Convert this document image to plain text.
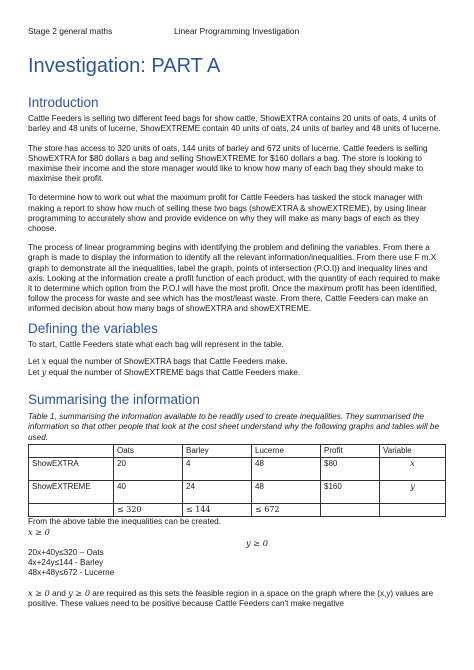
Stage 2 general maths	Linear Programming Investigation
Investigation: PART A
Introduction

Cattle Feeders is selling two different feed bags for show cattle, ShowEXTRA contains 20 units of oats, 4 units of barley and 48 units of lucerne, ShowEXTREME contain 40 units of oats, 24 units of barley and 48 units of lucerne.

The store has access to 320 units of oats, 144 units of barley and 672 units of lucerne. Cattle feeders is selling ShowEXTRA for $80 dollars a bag and selling ShowEXTREME for $160 dollars a bag. The store is looking to maximise their income and the store manager would like to know how many of each bag they should make to maximise their profit.

To determine how to work out what the maximum profit for Cattle Feeders has tasked the stock manager with making a report to show how much of selling these two bags (showEXTRA & showEXTREME), by using linear programming to accurately show and provide evidence on why they will make as many bags of each as they choose.

The process of linear programming begins with identifying the problem and defining the variables. From there a graph is made to display the information to identify all the relevant information/inequalities. From there use F m.X graph to demonstrate all the inequalities, label the graph, points of intersection (P.O.I)) and inequality lines and axis. Looking at the information create a profit function of each product, with the quantity of each required to make it to determine which option from the P.O.I will have the most profit. Once the maximum profit has been identified, follow the process for waste and see which has the most/least waste. From there, Cattle Feeders can make an informed decision about how many bags of showEXTRA and showEXTREME.

Defining the variables

To start, Cattle Feeders state what each bag will represent in the table.

Let x equal the number of ShowEXTRA bags that Cattle Feeders make.

Let y equal the number of ShowEXTREME bags that Cattle Feeders make.

Summarising the information

Table 1, summarising the information available to be readily used to create inequalities. They summarised the information so that other people that look at the cost sheet understand why the following graphs and tables will be used.

	Oats	Barley	Lucerne	Profit	Variable
ShowEXTRA	20	4	48	$80	x
ShowEXTREME	40	24	48	$160	y
	≤ 320	≤ 144	≤ 672		

From the above table the inequalities can be created.

x ≥ 0

y ≥ 0

20x+40y≤320 – Oats

4x+24y≤144 - Barley

48x+48y≤672 - Lucerne

x ≥ 0 and y ≥ 0 are required as this sets the feasible region in a space on the graph where the (x,y) values are positive. These values need to be positive because Cattle Feeders can't make negative
